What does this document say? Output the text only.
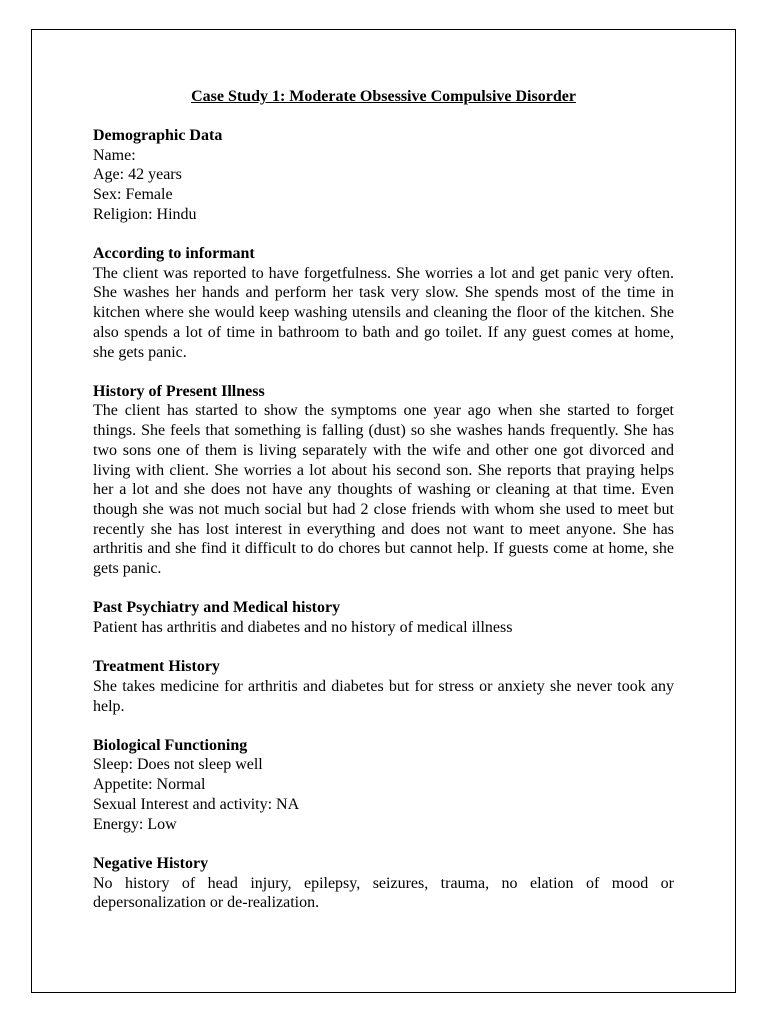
Case Study 1: Moderate Obsessive Compulsive Disorder

Demographic Data

Name:

Age: 42 years

Sex: Female

Religion: Hindu

According to informant

The client was reported to have forgetfulness. She worries a lot and get panic very often. She washes her hands and perform her task very slow. She spends most of the time in kitchen where she would keep washing utensils and cleaning the floor of the kitchen. She also spends a lot of time in bathroom to bath and go toilet. If any guest comes at home, she gets panic.

History of Present Illness

The client has started to show the symptoms one year ago when she started to forget things. She feels that something is falling (dust) so she washes hands frequently. She has two sons one of them is living separately with the wife and other one got divorced and living with client. She worries a lot about his second son. She reports that praying helps her a lot and she does not have any thoughts of washing or cleaning at that time. Even though she was not much social but had 2 close friends with whom she used to meet but recently she has lost interest in everything and does not want to meet anyone. She has arthritis and she find it difficult to do chores but cannot help. If guests come at home, she gets panic.

Past Psychiatry and Medical history

Patient has arthritis and diabetes and no history of medical illness

Treatment History

She takes medicine for arthritis and diabetes but for stress or anxiety she never took any help.

Biological Functioning

Sleep: Does not sleep well

Appetite: Normal

Sexual Interest and activity: NA

Energy: Low

Negative History

No history of head injury, epilepsy, seizures, trauma, no elation of mood or depersonalization or de-realization.
